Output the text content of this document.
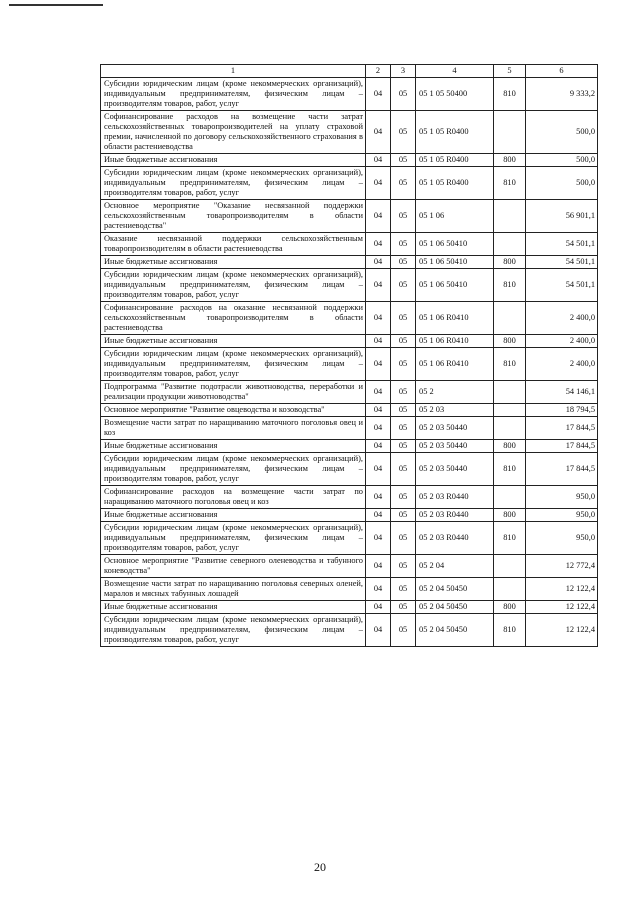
1	2	3	4	5	6
Субсидии юридическим лицам (кроме некоммерческих организаций), индивидуальным предпринимателям, физическим лицам – производителям товаров, работ, услуг	04	05	05 1 05 50400	810	9 333,2
Софинансирование расходов на возмещение части затрат сельскохозяйственных товаропроизводителей на уплату страховой премии, начисленной по договору сельскохозяйственного страхования в области растениеводства	04	05	05 1 05 R0400		500,0
Иные бюджетные ассигнования	04	05	05 1 05 R0400	800	500,0
Субсидии юридическим лицам (кроме некоммерческих организаций), индивидуальным предпринимателям, физическим лицам – производителям товаров, работ, услуг	04	05	05 1 05 R0400	810	500,0
Основное мероприятие "Оказание несвязанной поддержки сельскохозяйственным товаропроизводителям в области растениеводства"	04	05	05 1 06		56 901,1
Оказание несвязанной поддержки сельскохозяйственным товаропроизводителям в области растениеводства	04	05	05 1 06 50410		54 501,1
Иные бюджетные ассигнования	04	05	05 1 06 50410	800	54 501,1
Субсидии юридическим лицам (кроме некоммерческих организаций), индивидуальным предпринимателям, физическим лицам – производителям товаров, работ, услуг	04	05	05 1 06 50410	810	54 501,1
Софинансирование расходов на оказание несвязанной поддержки сельскохозяйственным товаропроизводителям в области растениеводства	04	05	05 1 06 R0410		2 400,0
Иные бюджетные ассигнования	04	05	05 1 06 R0410	800	2 400,0
Субсидии юридическим лицам (кроме некоммерческих организаций), индивидуальным предпринимателям, физическим лицам – производителям товаров, работ, услуг	04	05	05 1 06 R0410	810	2 400,0
Подпрограмма "Развитие подотрасли животноводства, переработки и реализации продукции животноводства"	04	05	05 2		54 146,1
Основное мероприятие "Развитие овцеводства и козоводства"	04	05	05 2 03		18 794,5
Возмещение части затрат по наращиванию маточного поголовья овец и коз	04	05	05 2 03 50440		17 844,5
Иные бюджетные ассигнования	04	05	05 2 03 50440	800	17 844,5
Субсидии юридическим лицам (кроме некоммерческих организаций), индивидуальным предпринимателям, физическим лицам – производителям товаров, работ, услуг	04	05	05 2 03 50440	810	17 844,5
Софинансирование расходов на возмещение части затрат по наращиванию маточного поголовья овец и коз	04	05	05 2 03 R0440		950,0
Иные бюджетные ассигнования	04	05	05 2 03 R0440	800	950,0
Субсидии юридическим лицам (кроме некоммерческих организаций), индивидуальным предпринимателям, физическим лицам – производителям товаров, работ, услуг	04	05	05 2 03 R0440	810	950,0
Основное мероприятие "Развитие северного оленеводства и табунного коневодства"	04	05	05 2 04		12 772,4
Возмещение части затрат по наращиванию поголовья северных оленей, маралов и мясных табунных лошадей	04	05	05 2 04 50450		12 122,4
Иные бюджетные ассигнования	04	05	05 2 04 50450	800	12 122,4
Субсидии юридическим лицам (кроме некоммерческих организаций), индивидуальным предпринимателям, физическим лицам – производителям товаров, работ, услуг	04	05	05 2 04 50450	810	12 122,4
20
